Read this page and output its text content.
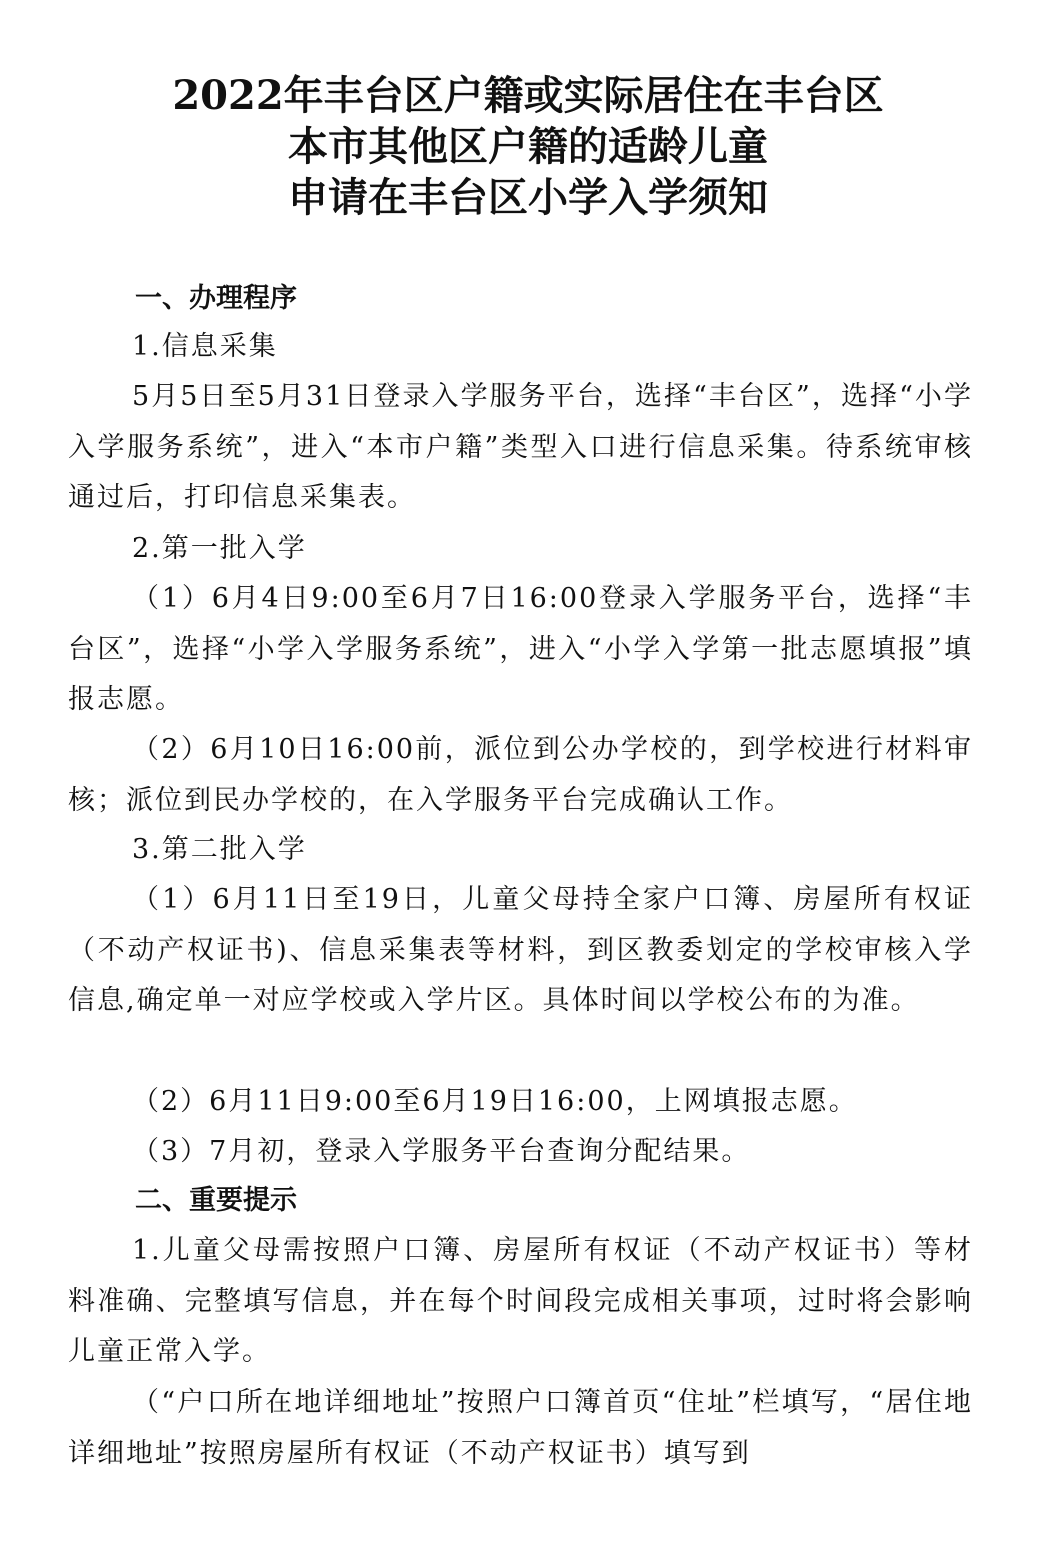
2022年丰台区户籍或实际居住在丰台区
本市其他区户籍的适龄儿童
申请在丰台区小学入学须知
一、办理程序

1.信息采集

5月5日至5月31日登录入学服务平台，选择“丰台区”，选择“小学入学服务系统”，进入“本市户籍”类型入口进行信息采集。待系统审核通过后，打印信息采集表。

2.第一批入学

（1）6月4日9:00至6月7日16:00登录入学服务平台，选择“丰台区”，选择“小学入学服务系统”，进入“小学入学第一批志愿填报”填报志愿。

（2）6月10日16:00前，派位到公办学校的，到学校进行材料审核；派位到民办学校的，在入学服务平台完成确认工作。

3.第二批入学

（1）6月11日至19日，儿童父母持全家户口簿、房屋所有权证（不动产权证书)、信息采集表等材料，到区教委划定的学校审核入学信息,确定单一对应学校或入学片区。具体时间以学校公布的为准。

（2）6月11日9:00至6月19日16:00，上网填报志愿。

（3）7月初，登录入学服务平台查询分配结果。

二、重要提示

1.儿童父母需按照户口簿、房屋所有权证（不动产权证书）等材料准确、完整填写信息，并在每个时间段完成相关事项，过时将会影响儿童正常入学。

（“户口所在地详细地址”按照户口簿首页“住址”栏填写，“居住地详细地址”按照房屋所有权证（不动产权证书）填写到
